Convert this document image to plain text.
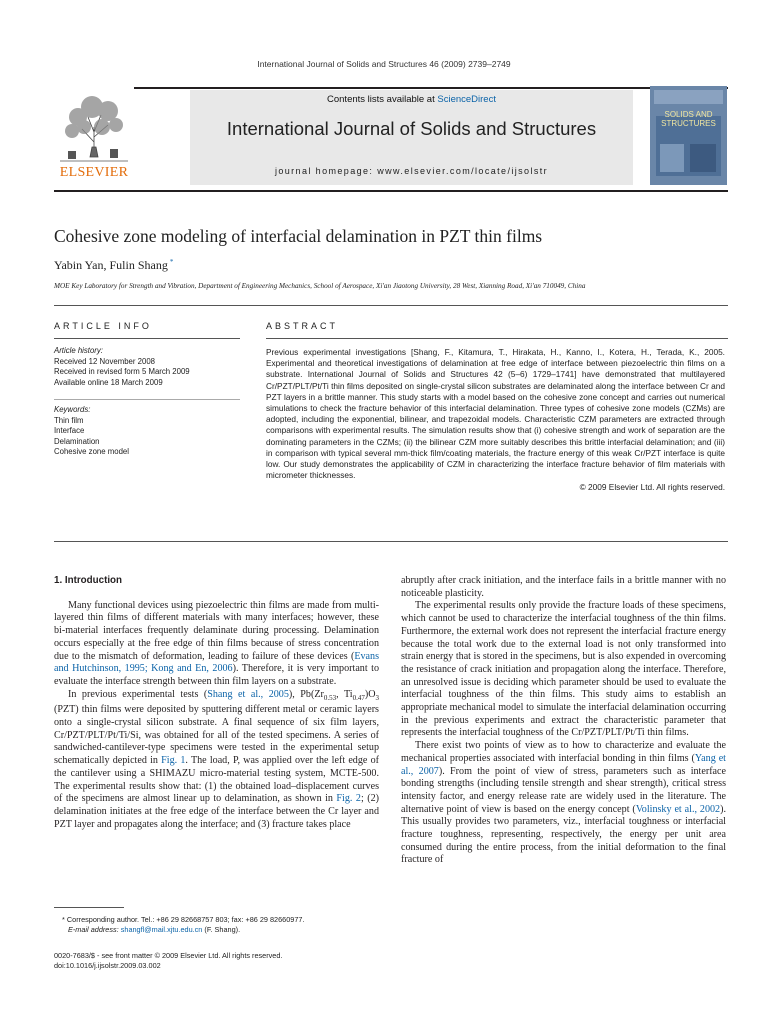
International Journal of Solids and Structures 46 (2009) 2739–2749
ELSEVIER
Contents lists available at ScienceDirect
International Journal of Solids and Structures
journal homepage: www.elsevier.com/locate/ijsolstr
SOLIDS AND
STRUCTURES
Cohesive zone modeling of interfacial delamination in PZT thin films
Yabin Yan, Fulin Shang *
MOE Key Laboratory for Strength and Vibration, Department of Engineering Mechanics, School of Aerospace, Xi'an Jiaotong University, 28 West, Xianning Road, Xi'an 710049, China
ARTICLE INFO	ABSTRACT
Article history:
Received 12 November 2008
Received in revised form 5 March 2009
Available online 18 March 2009
Keywords:
Thin film
Interface
Delamination
Cohesive zone model
Previous experimental investigations [Shang, F., Kitamura, T., Hirakata, H., Kanno, I., Kotera, H., Terada, K., 2005. Experimental and theoretical investigations of delamination at free edge of interface between piezoelectric thin films on a substrate. International Journal of Solids and Structures 42 (5–6) 1729–1741] have demonstrated that multilayered Cr/PZT/PLT/Pt/Ti thin films deposited on single-crystal silicon substrates are delaminated along the interface between Cr and PZT layers in a brittle manner. This study starts with a model based on the cohesive zone concept and carries out numerical simulations to check the fracture behavior of this interfacial delamination. Three types of cohesive zone models (CZMs) are adopted, including the exponential, bilinear, and trapezoidal models. Characteristic CZM parameters are extracted through comparisons with experimental results. The simulation results show that (i) cohesive strength and work of separation are the dominating parameters in the CZMs; (ii) the bilinear CZM more suitably describes this brittle interfacial delamination; and (iii) in comparison with typical several mm-thick film/coating materials, the fracture energy of this weak Cr/PZT interface is quite low. Our study demonstrates the applicability of CZM in characterizing the interface fracture behavior of film materials with micrometer thicknesses.
© 2009 Elsevier Ltd. All rights reserved.
1. Introduction

Many functional devices using piezoelectric thin films are made from multi-layered thin films of different materials with many interfaces; however, these bi-material interfaces frequently delaminate during processing. Delamination occurs especially at the free edge of thin films because of stress concentration due to the mismatch of deformation, leading to failure of these devices (Evans and Hutchinson, 1995; Kong and En, 2006). Therefore, it is very important to evaluate the interface strength between thin film layers on a substrate.

In previous experimental tests (Shang et al., 2005), $Pb(Zr_{0.53}$, $Ti_{0.47})O_3$ (PZT) thin films were deposited by sputtering different metal or ceramic layers onto a single-crystal silicon substrate. A final sequence of six film layers, Cr/PZT/PLT/Pt/Ti/Si, was obtained for all of the tested specimens. A series of sandwiched-cantilever-type specimens were tested in the experimental setup schematically depicted in Fig. 1. The load, P, was applied over the left edge of the cantilever using a SHIMAZU micro-material testing system, MCTE-500. The experimental results show that: (1) the obtained load–displacement curves of the specimens are almost linear up to delamination, as shown in Fig. 2; (2) delamination initiates at the free edge of the interface between the Cr layer and PZT layer and propagates along the interface; and (3) fracture takes place

abruptly after crack initiation, and the interface fails in a brittle manner with no noticeable plasticity.

The experimental results only provide the fracture loads of these specimens, which cannot be used to characterize the interfacial toughness of the thin films. Furthermore, the external work does not represent the interfacial fracture energy because the total work due to the external load is not only transformed into strain energy that is stored in the specimens, but is also expended in overcoming the resistance of crack initiation and propagation along the interface. Therefore, an unresolved issue is deciding which parameter should be used to evaluate the interfacial toughness of the thin films. This study aims to establish an appropriate mechanical model to simulate the interfacial delamination occurring in the previous experiments and extract the characteristic parameter that represents the interfacial toughness of the Cr/PZT/PLT/Pt/Ti thin films.

There exist two points of view as to how to characterize and evaluate the mechanical properties associated with interfacial bonding in thin films (Yang et al., 2007). From the point of view of stress, parameters such as interface bonding strengths (including tensile strength and shear strength), critical stress intensity factor, and energy release rate are widely used in the literature. The alternative point of view is based on the energy concept (Volinsky et al., 2002). This usually provides two parameters, viz., interfacial toughness or interfacial fracture toughness, representing, respectively, the energy per unit area consumed during the entire process, from the initial deformation to the final fracture of

* Corresponding author. Tel.: +86 29 82668757 803; fax: +86 29 82660977.
E-mail address: shangfl@mail.xjtu.edu.cn (F. Shang).
0020-7683/$ - see front matter © 2009 Elsevier Ltd. All rights reserved.
doi:10.1016/j.ijsolstr.2009.03.002
